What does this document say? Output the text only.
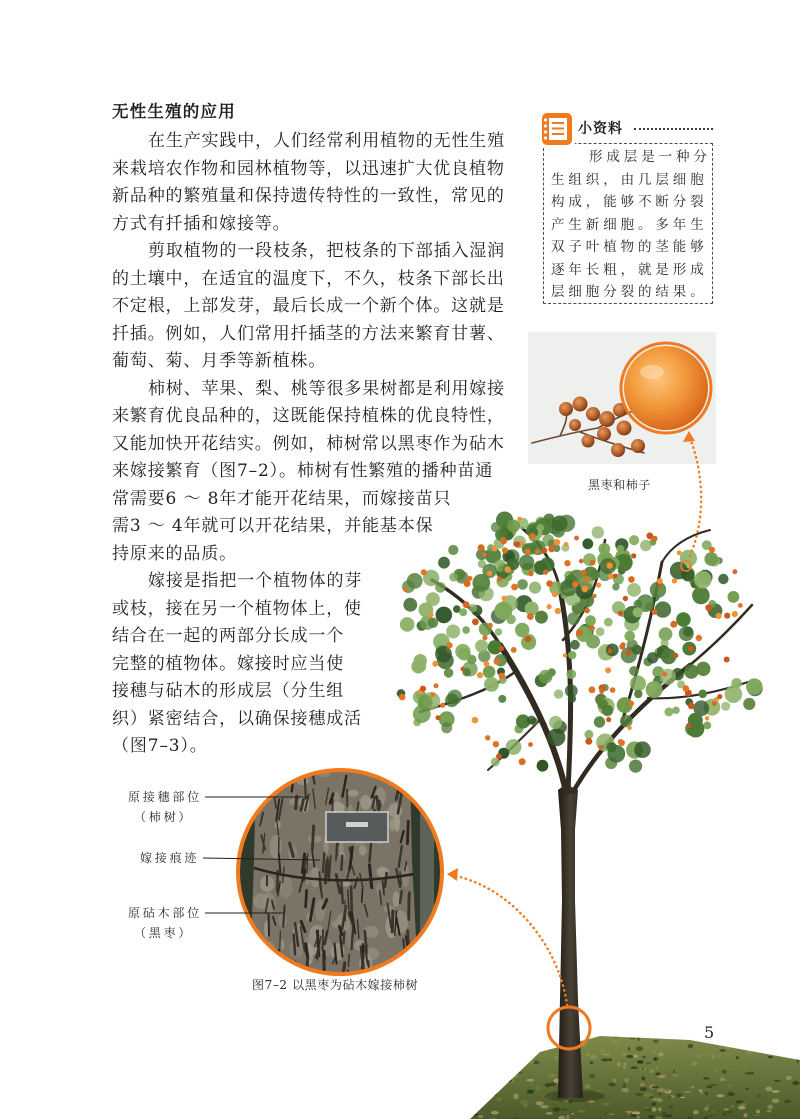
无性生殖的应用
在生产实践中，人们经常利用植物的无性生殖
来栽培农作物和园林植物等，以迅速扩大优良植物
新品种的繁殖量和保持遗传特性的一致性，常见的
方式有扦插和嫁接等。
剪取植物的一段枝条，把枝条的下部插入湿润
的土壤中，在适宜的温度下，不久，枝条下部长出
不定根，上部发芽，最后长成一个新个体。这就是
扦插。例如，人们常用扦插茎的方法来繁育甘薯、
葡萄、菊、月季等新植株。
柿树、苹果、梨、桃等很多果树都是利用嫁接
来繁育优良品种的，这既能保持植株的优良特性，
又能加快开花结实。例如，柿树常以黑枣作为砧木
来嫁接繁育（图7–2）。柿树有性繁殖的播种苗通
常需要6 ～ 8年才能开花结果，而嫁接苗只
需3 ～ 4年就可以开花结果，并能基本保
持原来的品质。
嫁接是指把一个植物体的芽
或枝，接在另一个植物体上，使
结合在一起的两部分长成一个
完整的植物体。嫁接时应当使
接穗与砧木的形成层（分生组
织）紧密结合，以确保接穗成活
（图7–3）。
小资料
形成层是一种分
生组织，由几层细胞
构成，能够不断分裂
产生新细胞。多年生
双子叶植物的茎能够
逐年长粗，就是形成
层细胞分裂的结果。
黑枣和柿子
原接穗部位
（柿树）
嫁接痕迹
原砧木部位
（黑枣）
图7–2 以黑枣为砧木嫁接柿树
5
